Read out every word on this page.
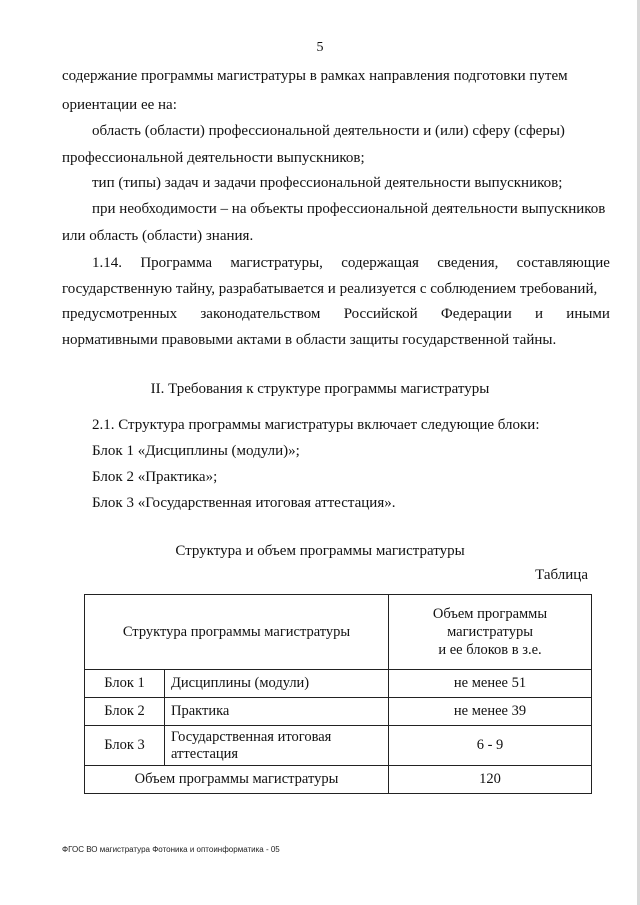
5
содержание программы магистратуры в рамках направления подготовки путем
ориентации ее на:
область (области) профессиональной деятельности и (или) сферу (сферы)
профессиональной деятельности выпускников;
тип (типы) задач и задачи профессиональной деятельности выпускников;
при необходимости – на объекты профессиональной деятельности выпускников
или область (области) знания.
1.14. Программа магистратуры, содержащая сведения, составляющие
государственную тайну, разрабатывается и реализуется с соблюдением требований,
предусмотренных законодательством Российской Федерации и иными
нормативными правовыми актами в области защиты государственной тайны.
II. Требования к структуре программы магистратуры
2.1. Структура программы магистратуры включает следующие блоки:
Блок 1 «Дисциплины (модули)»;
Блок 2 «Практика»;
Блок 3 «Государственная итоговая аттестация».
Структура и объем программы магистратуры
Таблица
Структура программы магистратуры		Объем программы
магистратуры
и ее блоков в з.е.

Блок 1	Дисциплины (модули)	не менее 51
Блок 2	Практика	не менее 39
Блок 3	Государственная итоговая аттестация	6 - 9
Объем программы магистратуры		120
ФГОС ВО магистратура Фотоника и оптоинформатика - 05
